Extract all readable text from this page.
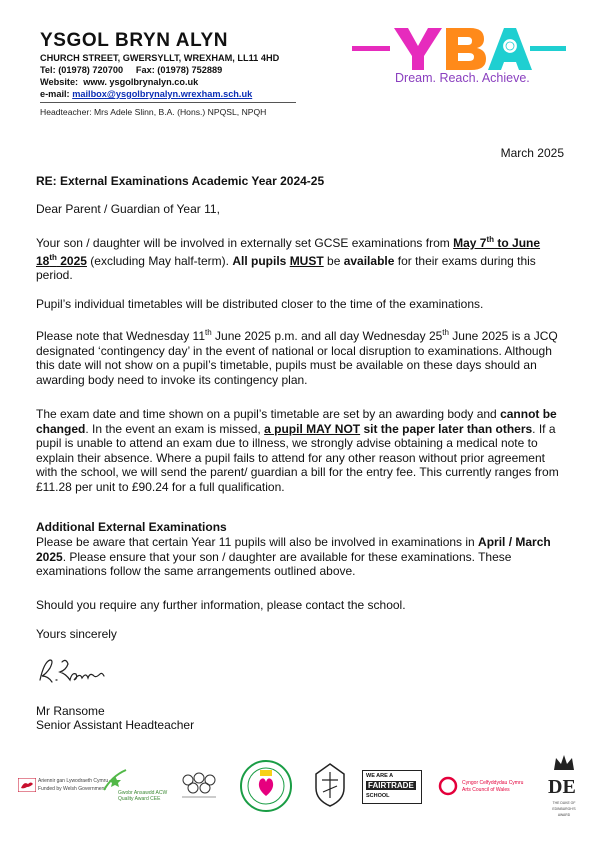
YSGOL BRYN ALYN
CHURCH STREET, GWERSYLLT, WREXHAM, LL11 4HD
Tel: (01978) 720700 Fax: (01978) 752889
Website: www. ysgolbrynalyn.co.uk
e-mail: mailbox@ysgolbrynalyn.wrexham.sch.uk
Headteacher: Mrs Adele Slinn, B.A. (Hons.) NPQSL, NPQH
Dream. Reach. Achieve.
March 2025
RE: External Examinations Academic Year 2024-25
Dear Parent / Guardian of Year 11,

Your son / daughter will be involved in externally set GCSE examinations from May 7th to June 18th 2025 (excluding May half-term). All pupils MUST be available for their exams during this period.

Pupil’s individual timetables will be distributed closer to the time of the examinations.

Please note that Wednesday 11th June 2025 p.m. and all day Wednesday 25th June 2025 is a JCQ designated ‘contingency day’ in the event of national or local disruption to examinations. Although this date will not show on a pupil’s timetable, pupils must be available on these days should an awarding body need to invoke its contingency plan.

The exam date and time shown on a pupil’s timetable are set by an awarding body and cannot be changed. In the event an exam is missed, a pupil MAY NOT sit the paper later than others. If a pupil is unable to attend an exam due to illness, we strongly advise obtaining a medical note to explain their absence. Where a pupil fails to attend for any other reason without prior agreement with the school, we will send the parent/ guardian a bill for the entry fee. This currently ranges from £11.28 per unit to £90.24 for a full qualification.

Additional External Examinations

Please be aware that certain Year 11 pupils will also be involved in examinations in April / March 2025. Please ensure that your son / daughter are available for these examinations. These examinations follow the same arrangements outlined above.

Should you require any further information, please contact the school.
Yours sincerely
Mr Ransome
Senior Assistant Headteacher
Ariennir gan Lywodraeth Cymru
Funded by Welsh Government
Gwobr Ansawdd ACW
Quality Award CEE
WE ARE A
FAIRTRADE
SCHOOL
Cyngor Celfyddydau Cymru
Arts Council of Wales DE
THE DUKE OF EDINBURGH'S AWARD
